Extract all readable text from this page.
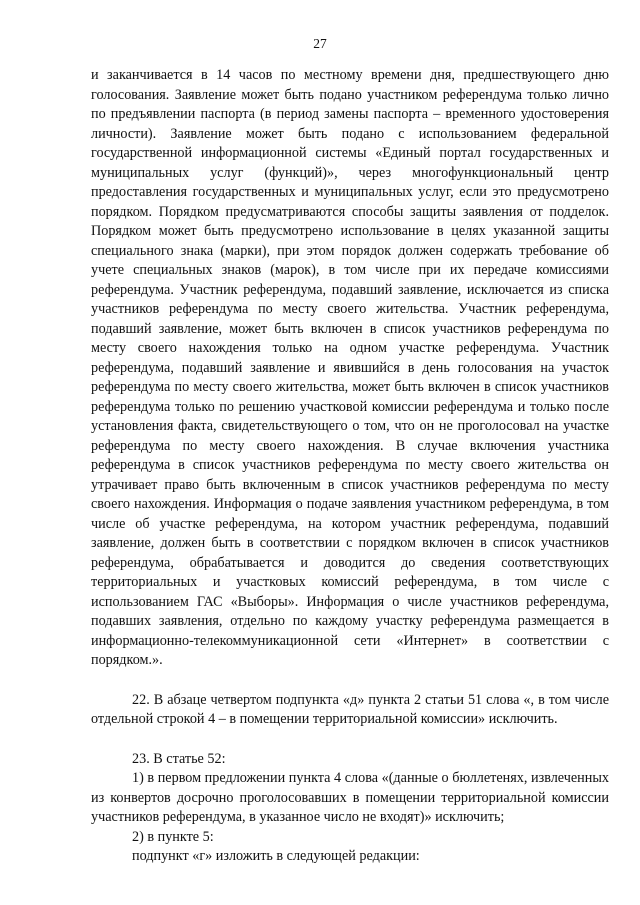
27

и заканчивается в 14 часов по местному времени дня, предшествующего дню голосования. Заявление может быть подано участником референдума только лично по предъявлении паспорта (в период замены паспорта – временного удостоверения личности). Заявление может быть подано с использованием федеральной государственной информационной системы «Единый портал государственных и муниципальных услуг (функций)», через многофункциональный центр предоставления государственных и муниципальных услуг, если это предусмотрено порядком. Порядком предусматриваются способы защиты заявления от подделок. Порядком может быть предусмотрено использование в целях указанной защиты специального знака (марки), при этом порядок должен содержать требование об учете специальных знаков (марок), в том числе при их передаче комиссиями референдума. Участник референдума, подавший заявление, исключается из списка участников референдума по месту своего жительства. Участник референдума, подавший заявление, может быть включен в список участников референдума по месту своего нахождения только на одном участке референдума. Участник референдума, подавший заявление и явившийся в день голосования на участок референдума по месту своего жительства, может быть включен в список участников референдума только по решению участковой комиссии референдума и только после установления факта, свидетельствующего о том, что он не проголосовал на участке референдума по месту своего нахождения. В случае включения участника референдума в список участников референдума по месту своего жительства он утрачивает право быть включенным в список участников референдума по месту своего нахождения. Информация о подаче заявления участником референдума, в том числе об участке референдума, на котором участник референдума, подавший заявление, должен быть в соответствии с порядком включен в список участников референдума, обрабатывается и доводится до сведения соответствующих территориальных и участковых комиссий референдума, в том числе с использованием ГАС «Выборы». Информация о числе участников референдума, подавших заявления, отдельно по каждому участку референдума размещается в информационно-телекоммуникационной сети «Интернет» в соответствии с порядком.».

22. В абзаце четвертом подпункта «д» пункта 2 статьи 51 слова «, в том числе отдельной строкой 4 – в помещении территориальной комиссии» исключить.

23. В статье 52:

1) в первом предложении пункта 4 слова «(данные о бюллетенях, извлеченных из конвертов досрочно проголосовавших в помещении территориальной комиссии участников референдума, в указанное число не входят)» исключить;

2) в пункте 5:

подпункт «г» изложить в следующей редакции:
